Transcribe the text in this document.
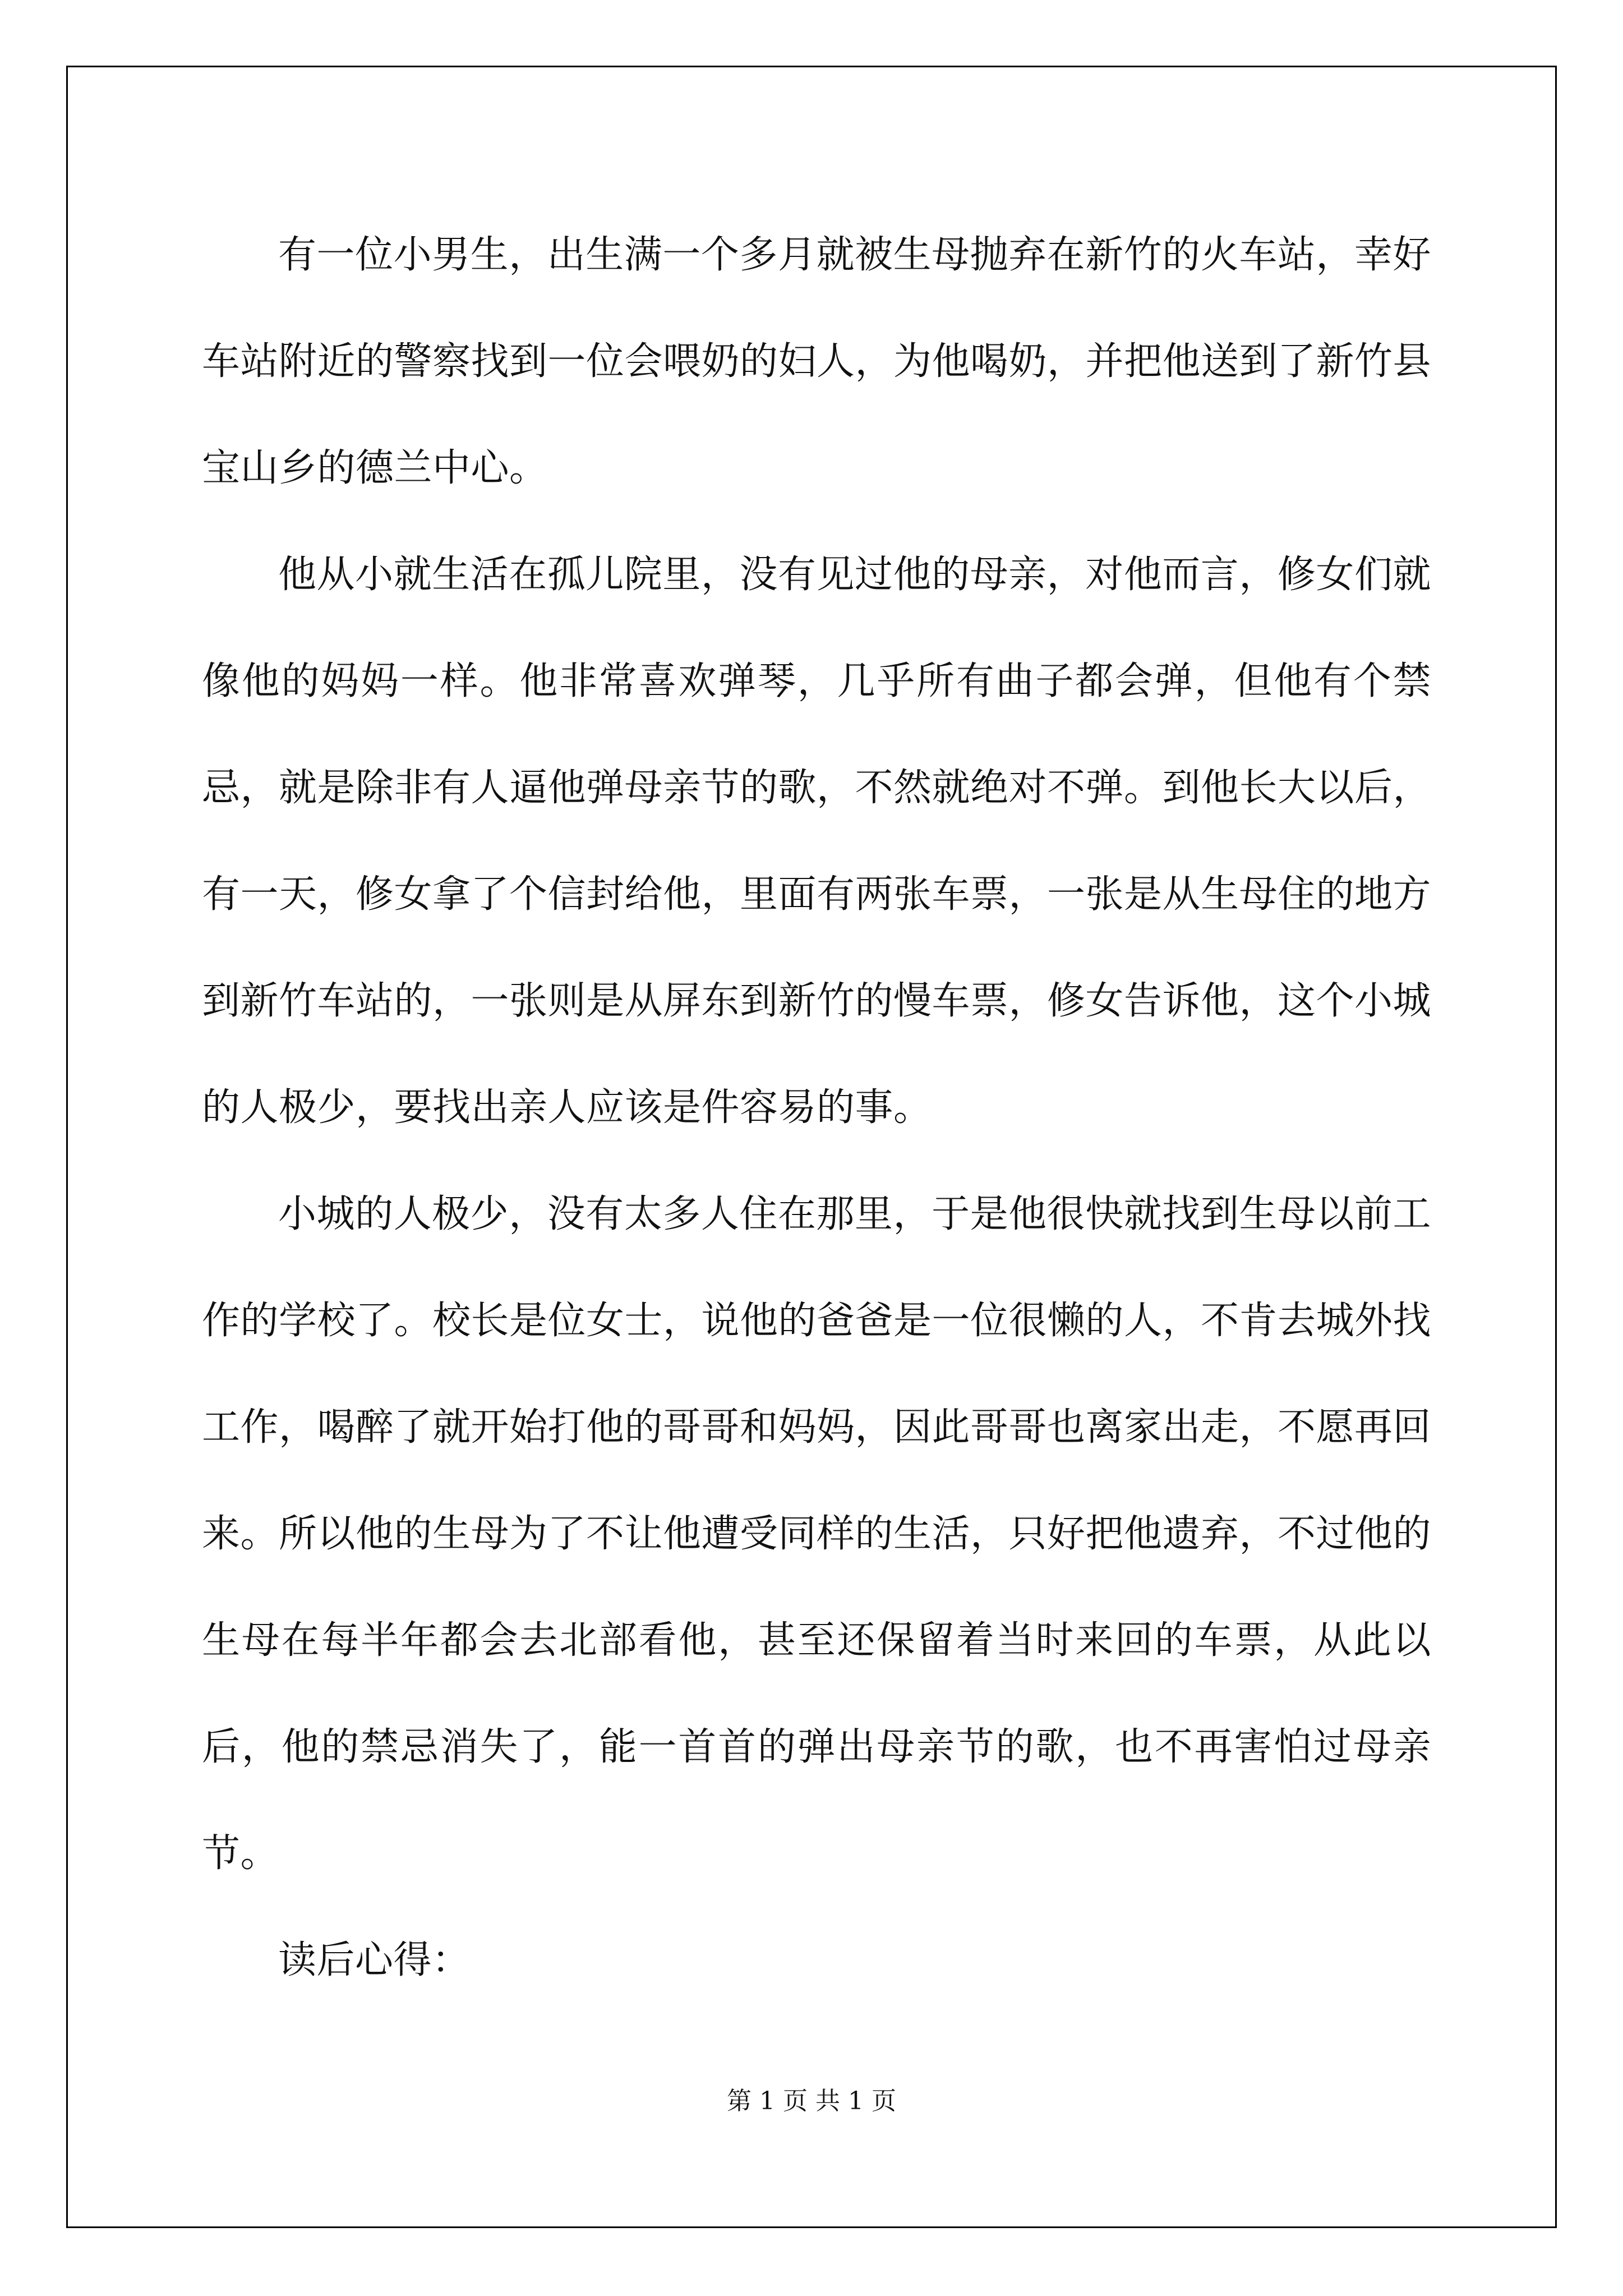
有一位小男生，出生满一个多月就被生母抛弃在新竹的火车站，幸好车站附近的警察找到一位会喂奶的妇人，为他喝奶，并把他送到了新竹县宝山乡的德兰中心。

他从小就生活在孤儿院里，没有见过他的母亲，对他而言，修女们就像他的妈妈一样。他非常喜欢弹琴，几乎所有曲子都会弹，但他有个禁忌，就是除非有人逼他弹母亲节的歌，不然就绝对不弹。到他长大以后，有一天，修女拿了个信封给他，里面有两张车票，一张是从生母住的地方到新竹车站的，一张则是从屏东到新竹的慢车票，修女告诉他，这个小城的人极少，要找出亲人应该是件容易的事。

小城的人极少，没有太多人住在那里，于是他很快就找到生母以前工作的学校了。校长是位女士，说他的爸爸是一位很懒的人，不肯去城外找工作，喝醉了就开始打他的哥哥和妈妈，因此哥哥也离家出走，不愿再回来。所以他的生母为了不让他遭受同样的生活，只好把他遗弃，不过他的生母在每半年都会去北部看他，甚至还保留着当时来回的车票，从此以后，他的禁忌消失了，能一首首的弹出母亲节的歌，也不再害怕过母亲节。

读后心得：

第 1 页 共 1 页
